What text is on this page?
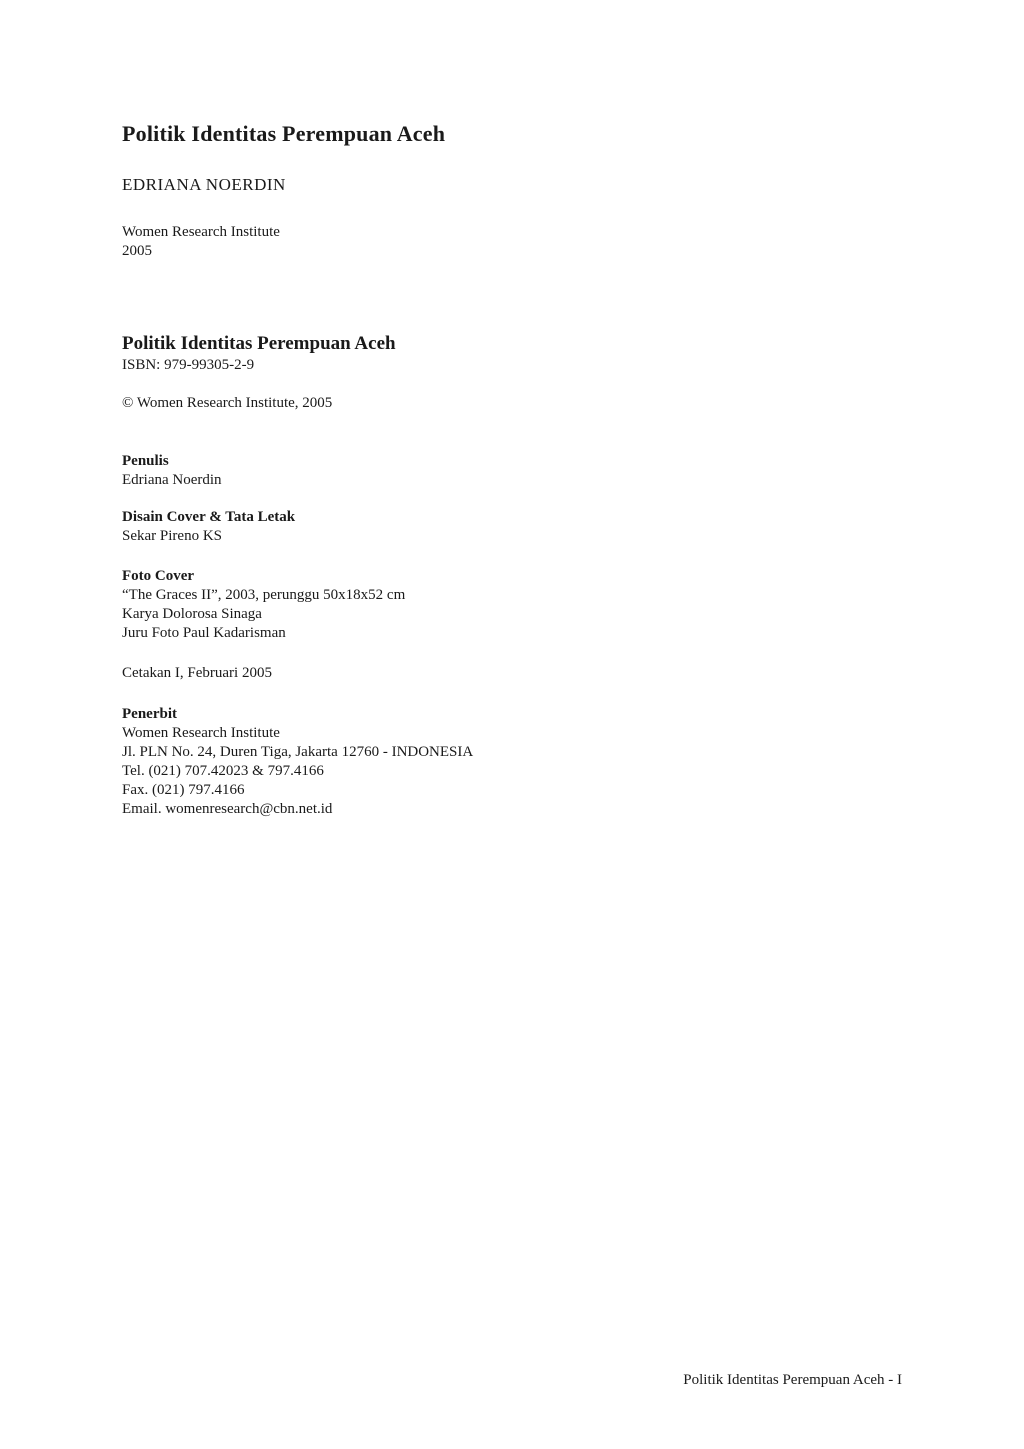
Politik Identitas Perempuan Aceh
EDRIANA NOERDIN
Women Research Institute
2005
Politik Identitas Perempuan Aceh
ISBN: 979-99305-2-9
© Women Research Institute, 2005
Penulis
Edriana Noerdin
Disain Cover & Tata Letak
Sekar Pireno KS
Foto Cover
“The Graces II”, 2003, perunggu 50x18x52 cm
Karya Dolorosa Sinaga
Juru Foto Paul Kadarisman
Cetakan I, Februari 2005
Penerbit
Women Research Institute
Jl. PLN No. 24, Duren Tiga, Jakarta 12760 - INDONESIA
Tel. (021) 707.42023 & 797.4166
Fax. (021) 797.4166
Email. womenresearch@cbn.net.id
Politik Identitas Perempuan Aceh - I
